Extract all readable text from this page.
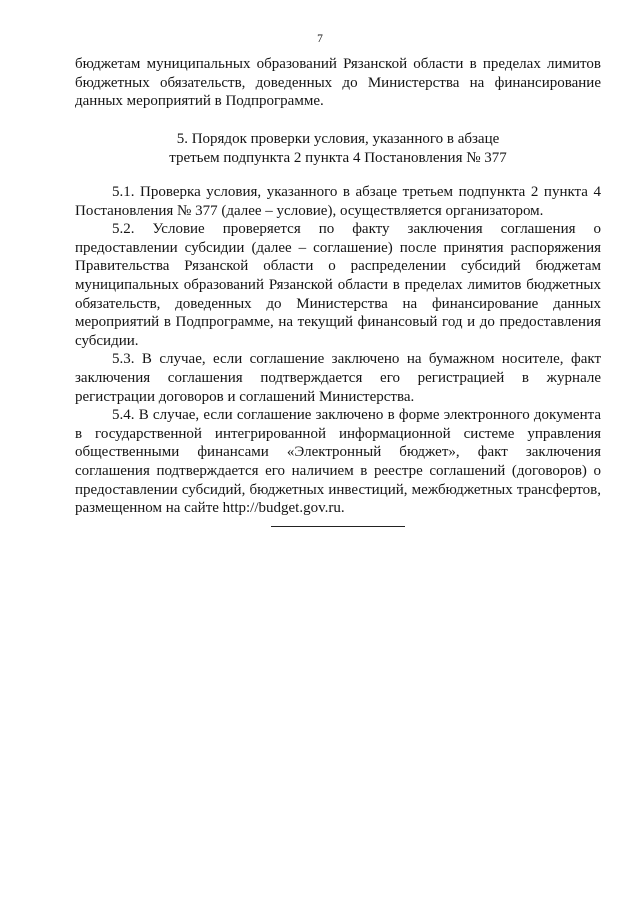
7
бюджетам муниципальных образований Рязанской области в пределах лимитов бюджетных обязательств, доведенных до Министерства на финансирование данных мероприятий в Подпрограмме.
5. Порядок проверки условия, указанного в абзаце
третьем подпункта 2 пункта 4 Постановления № 377

5.1. Проверка условия, указанного в абзаце третьем подпункта 2 пункта 4 Постановления № 377 (далее – условие), осуществляется организатором.

5.2. Условие проверяется по факту заключения соглашения о предоставлении субсидии (далее – соглашение) после принятия распоряжения Правительства Рязанской области о распределении субсидий бюджетам муниципальных образований Рязанской области в пределах лимитов бюджетных обязательств, доведенных до Министерства на финансирование данных мероприятий в Подпрограмме, на текущий финансовый год и до предоставления субсидии.

5.3. В случае, если соглашение заключено на бумажном носителе, факт заключения соглашения подтверждается его регистрацией в журнале регистрации договоров и соглашений Министерства.

5.4. В случае, если соглашение заключено в форме электронного документа в государственной интегрированной информационной системе управления общественными финансами «Электронный бюджет», факт заключения соглашения подтверждается его наличием в реестре соглашений (договоров) о предоставлении субсидий, бюджетных инвестиций, межбюджетных трансфертов, размещенном на сайте http://budget.gov.ru.
